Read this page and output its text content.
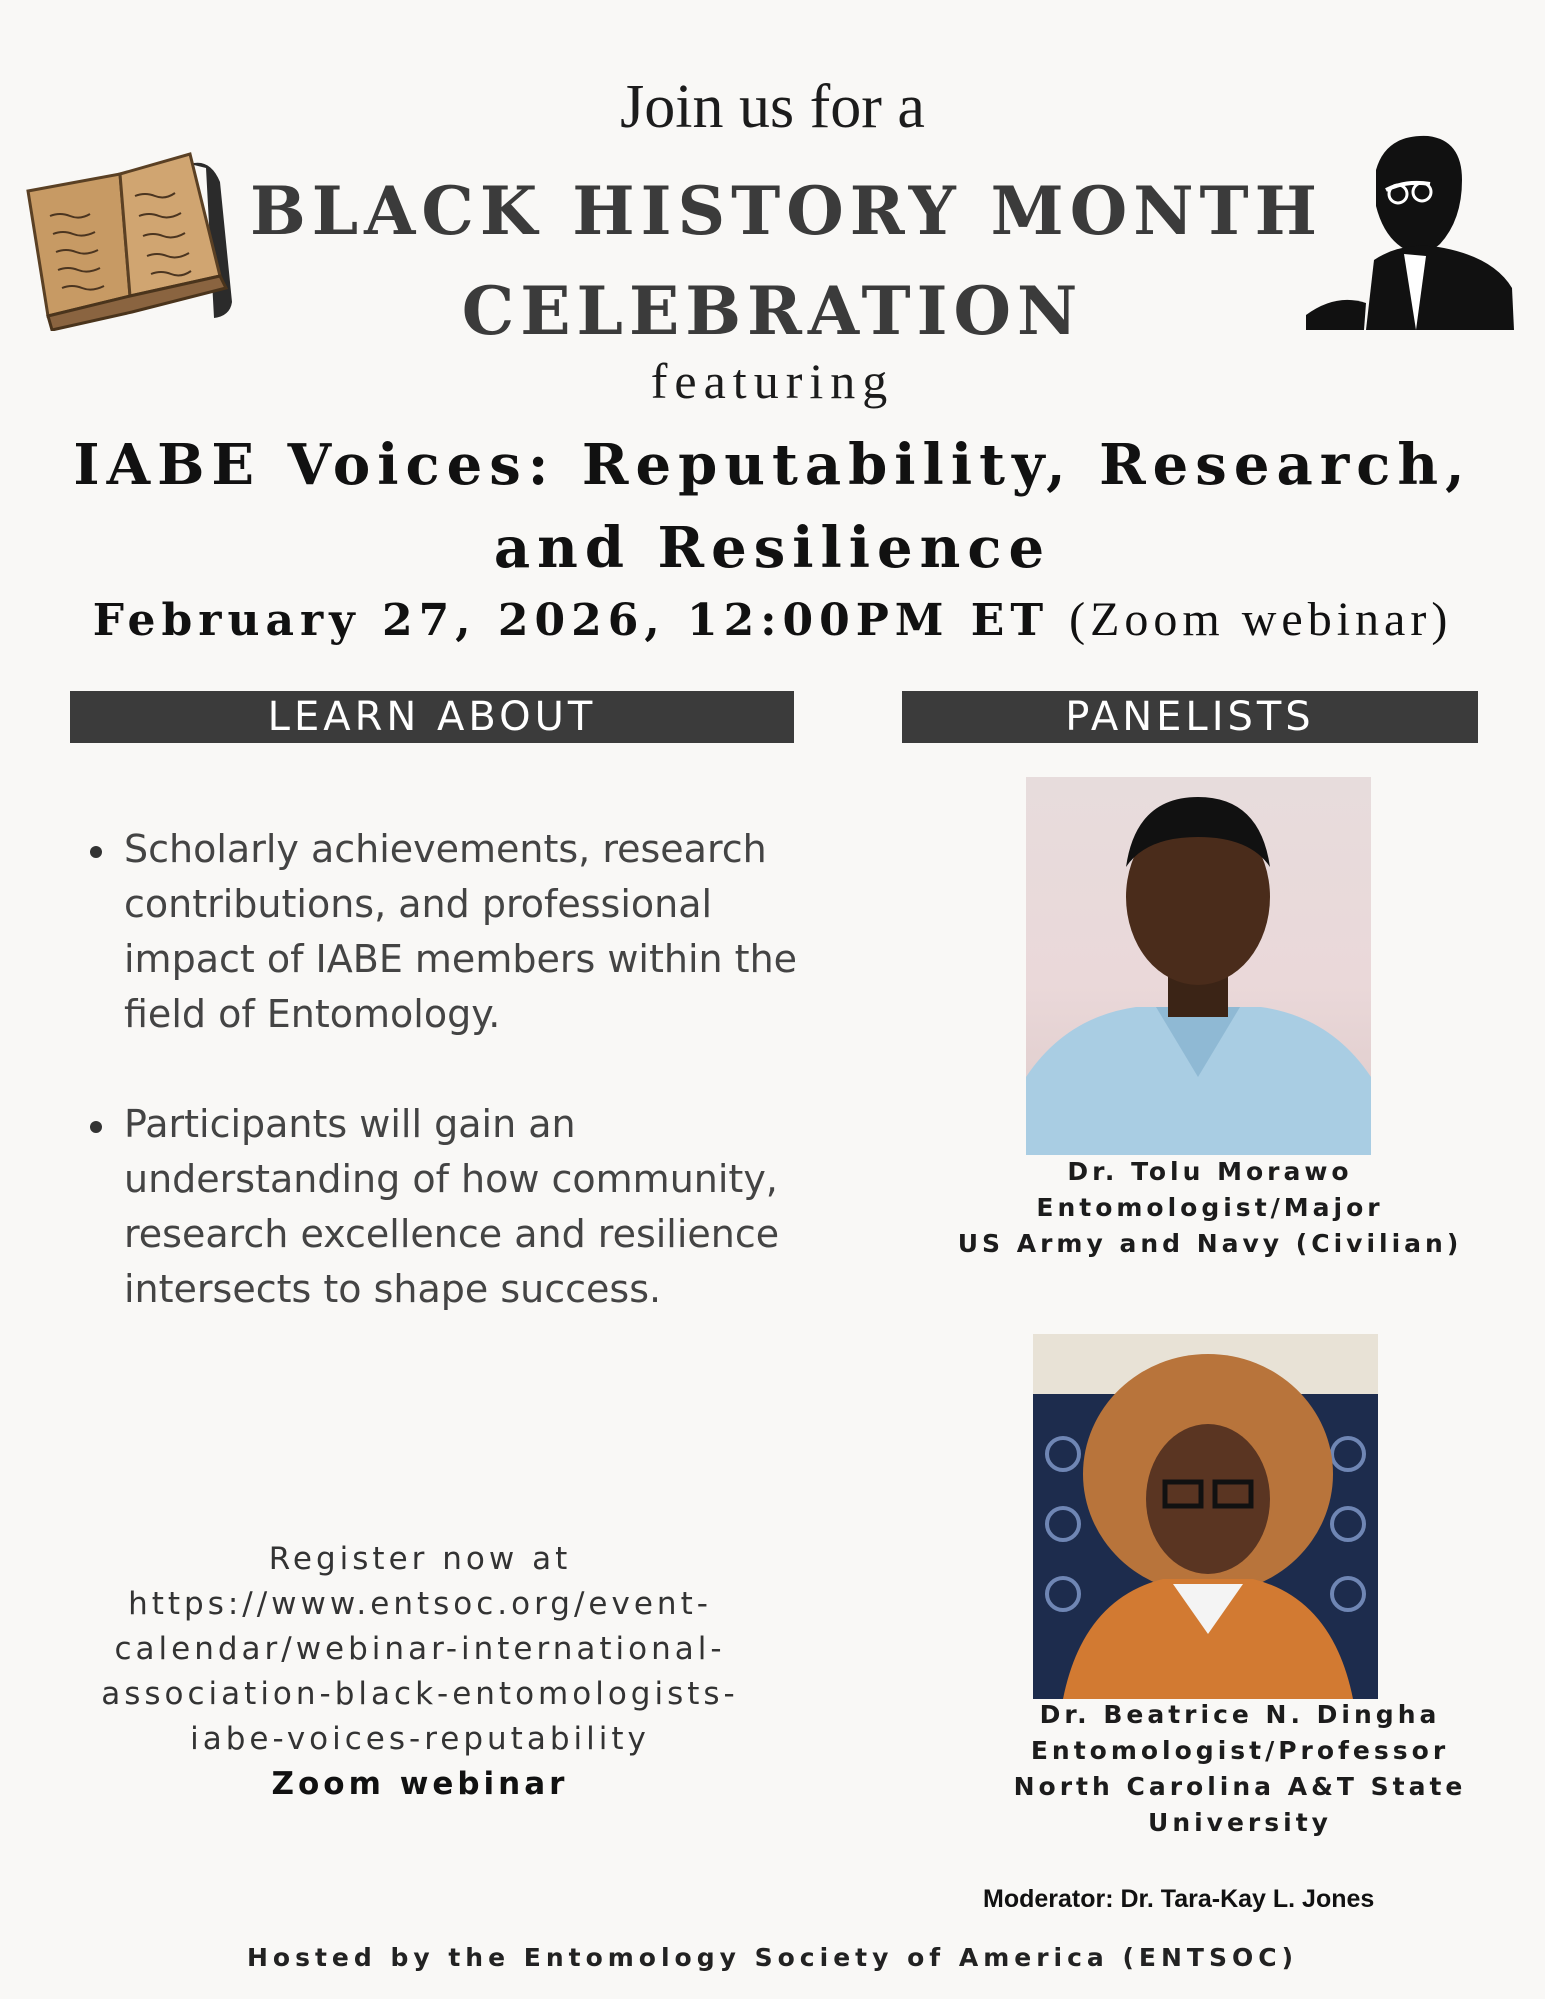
Join us for a
BLACK HISTORY MONTH
CELEBRATION
featuring
IABE Voices: Reputability, Research,
and Resilience
February 27, 2026, 12:00PM ET (Zoom webinar)
LEARN ABOUT	PANELISTS
Scholarly achievements, research contributions, and professional impact of IABE members within the field of Entomology.
Participants will gain an understanding of how community, research excellence and resilience intersects to shape success.
Register now at
https://www.entsoc.org/event-
calendar/webinar-international-
association-black-entomologists-
iabe-voices-reputability
Zoom webinar
Dr. Tolu Morawo
Entomologist/Major
US Army and Navy (Civilian)
Dr. Beatrice N. Dingha
Entomologist/Professor
North Carolina A&T State
University
Moderator: Dr. Tara-Kay L. Jones
Hosted by the Entomology Society of America (ENTSOC)
